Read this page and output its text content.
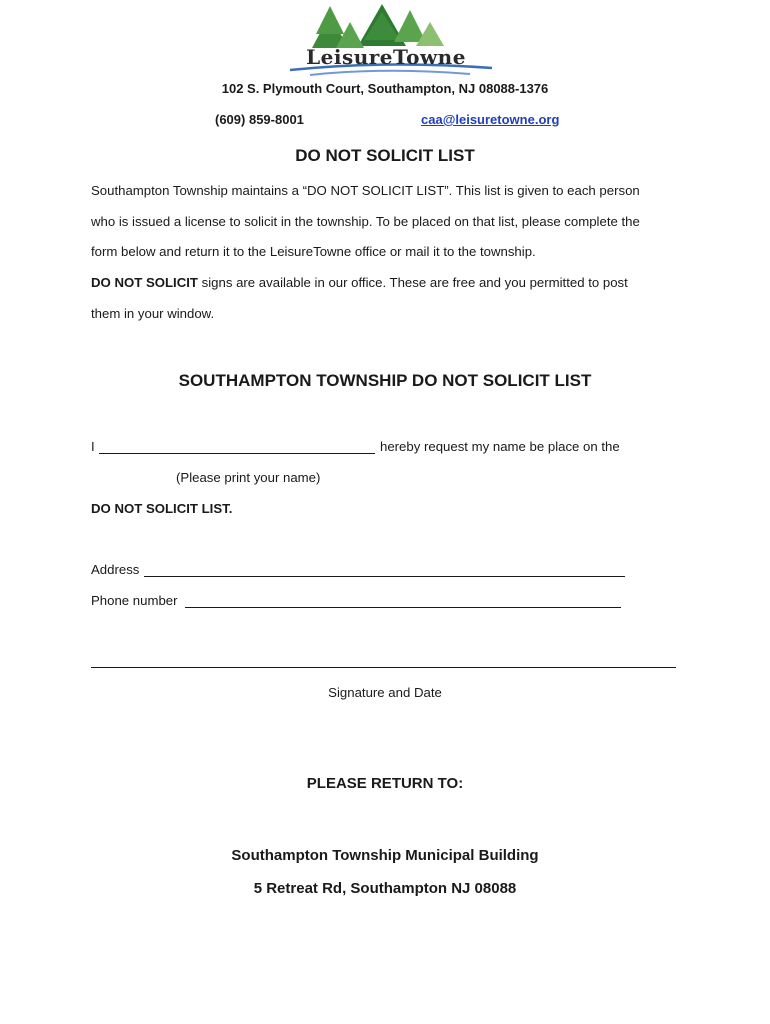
LeisureTowne
102 S. Plymouth Court, Southampton, NJ 08088-1376
(609) 859-8001	caa@leisuretowne.org
DO NOT SOLICIT LIST
Southampton Township maintains a “DO NOT SOLICIT LIST”. This list is given to each person
who is issued a license to solicit in the township. To be placed on that list, please complete the
form below and return it to the LeisureTowne office or mail it to the township.
DO NOT SOLICIT signs are available in our office. These are free and you permitted to post
them in your window.
SOUTHAMPTON TOWNSHIP DO NOT SOLICIT LIST
I	hereby request my name be place on the
(Please print your name)
DO NOT SOLICIT LIST.
Address
Phone number
Signature and Date
PLEASE RETURN TO:
Southampton Township Municipal Building
5 Retreat Rd, Southampton NJ 08088
